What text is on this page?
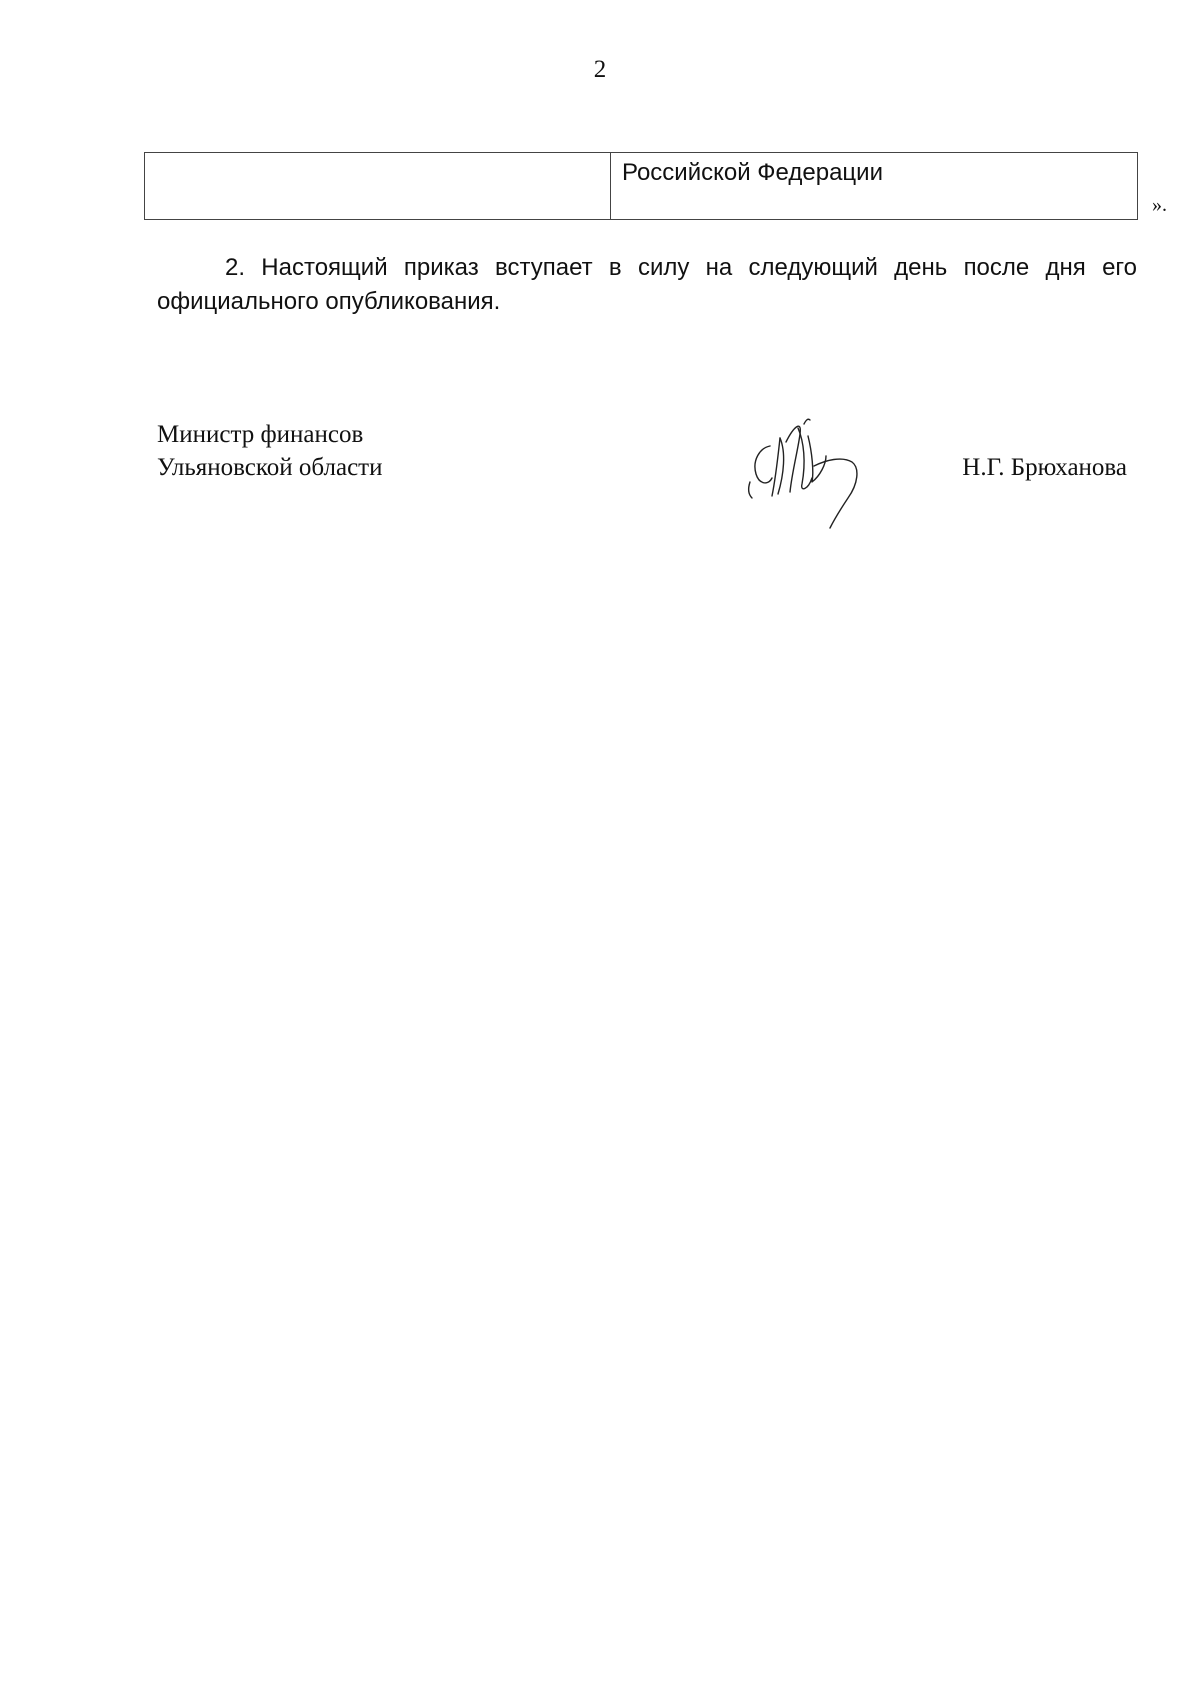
2
	Российской Федерации
».

2. Настоящий приказ вступает в силу на следующий день после дня его официального опубликования.

Министр финансов
Ульяновской области	Н.Г. Брюханова
